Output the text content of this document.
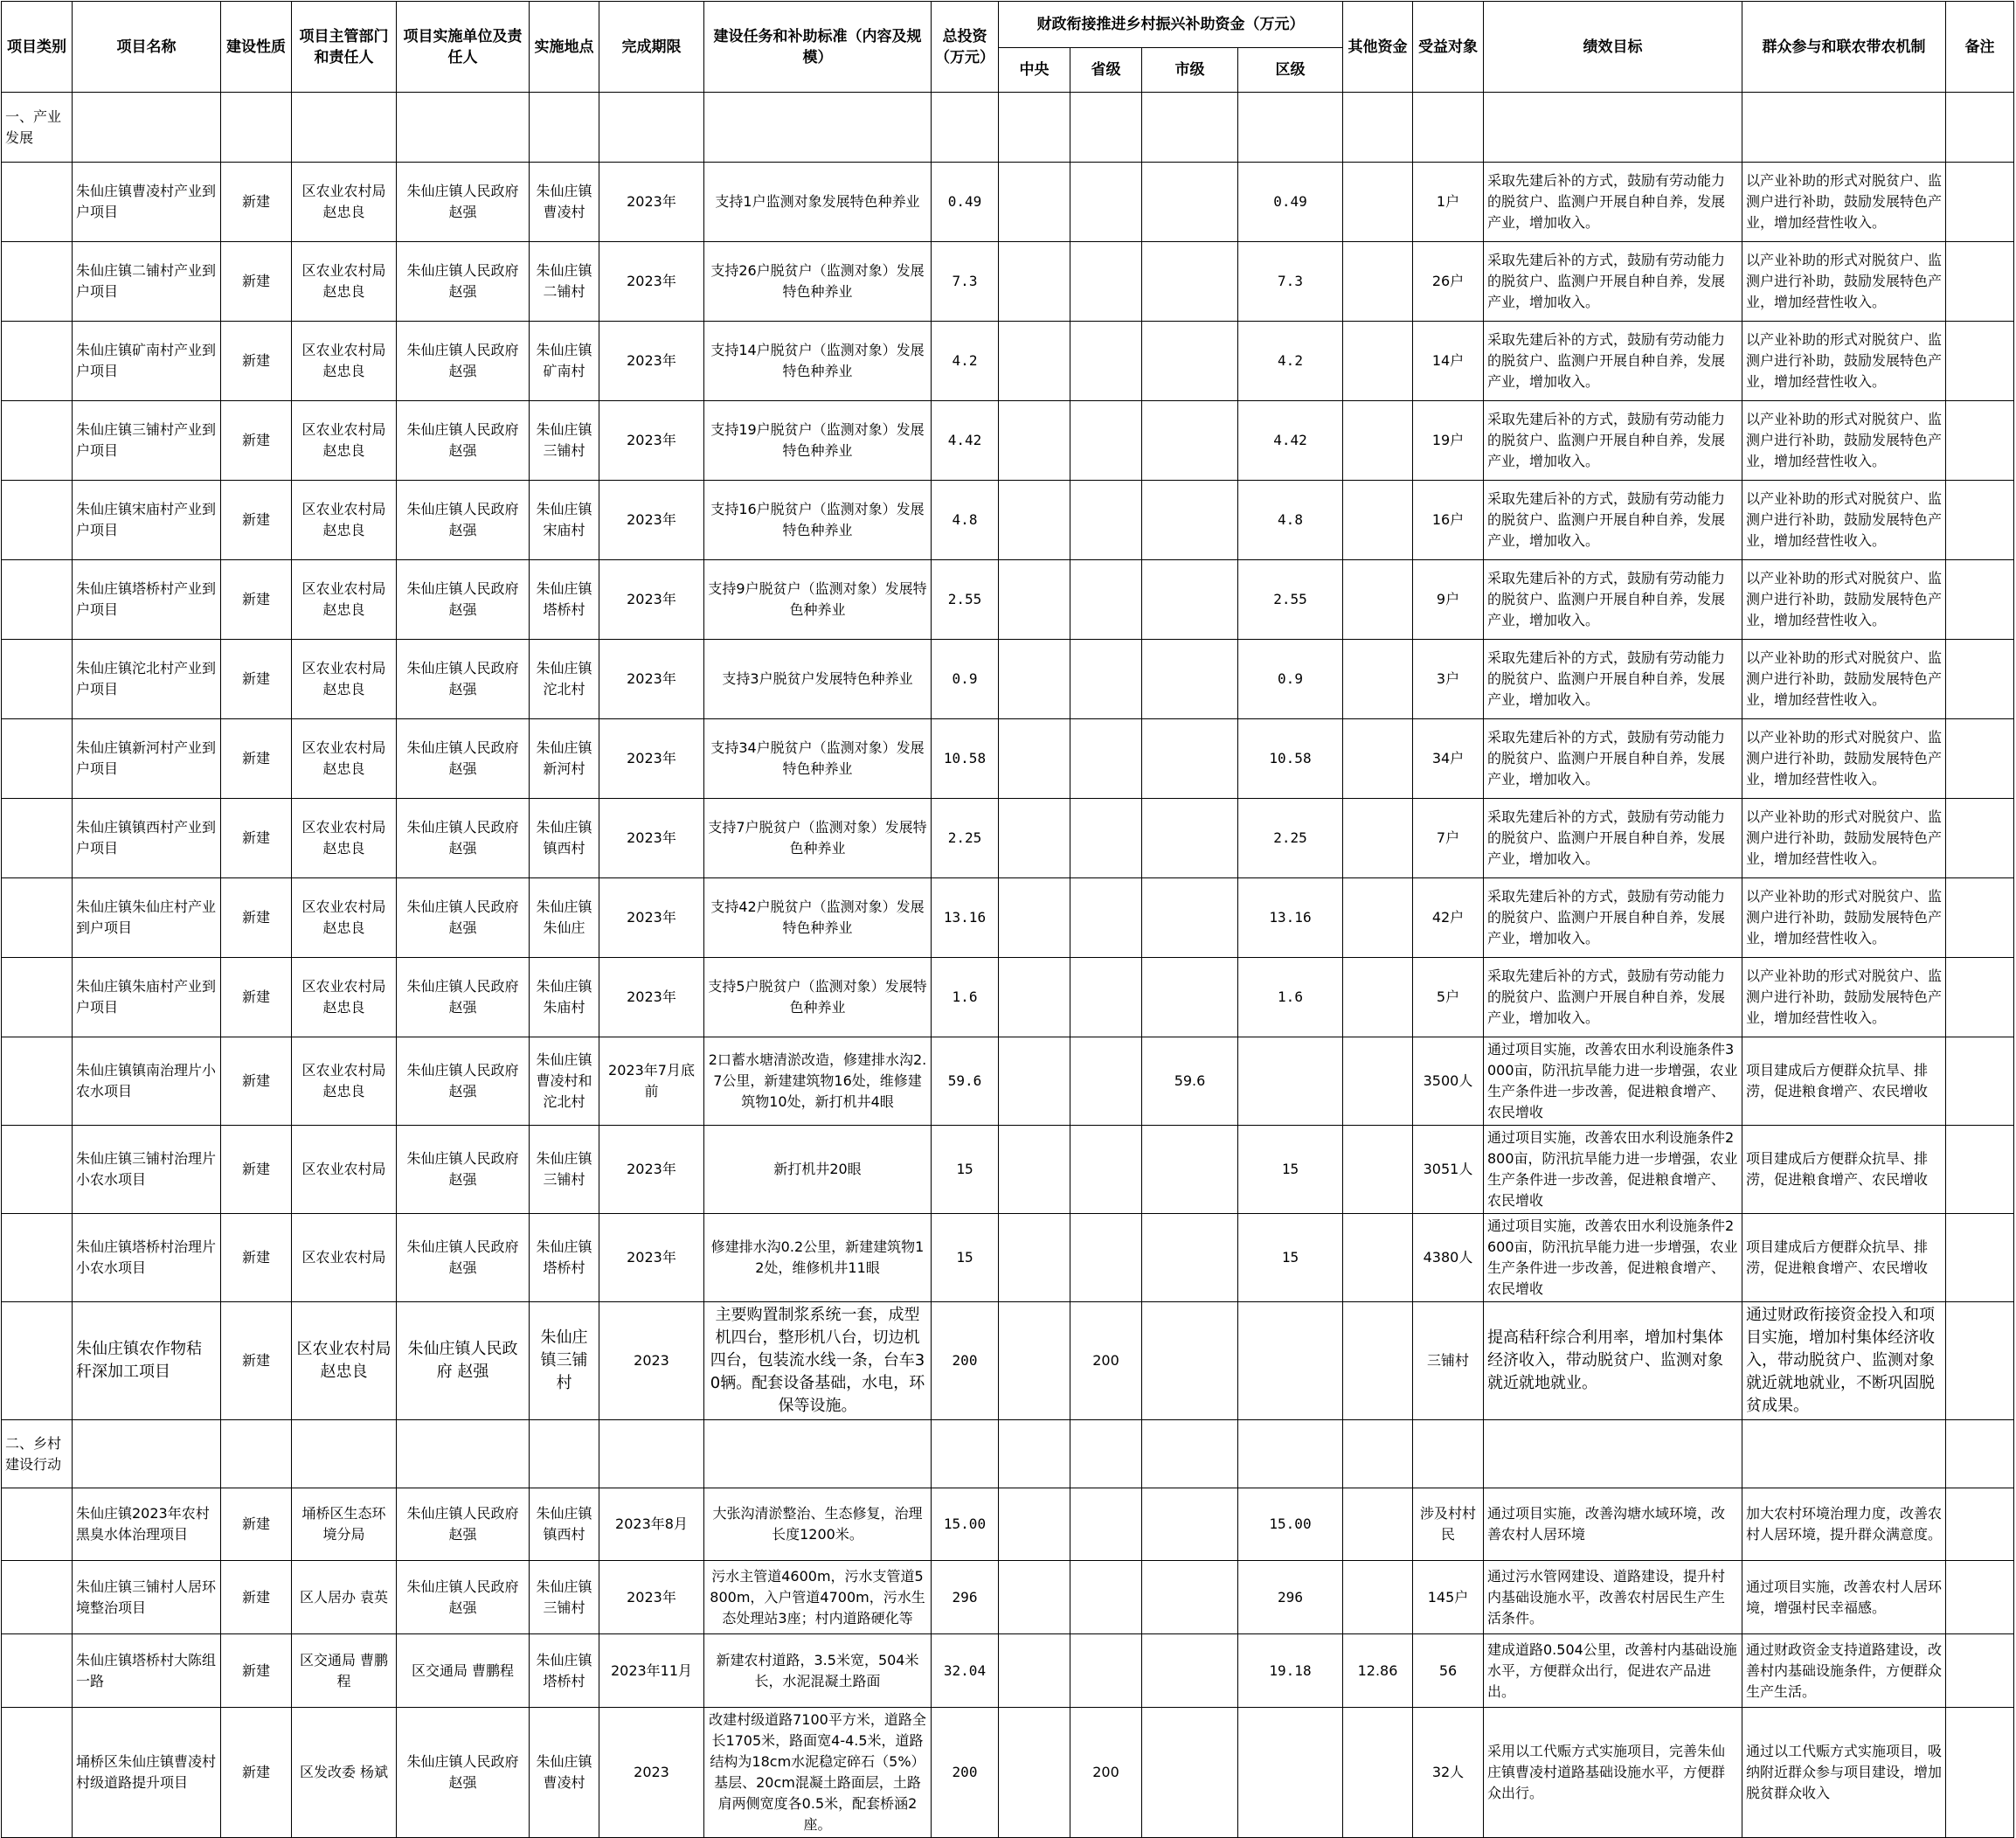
项目类别	项目名称	建设性质	项目主管部门和责任人	项目实施单位及责任人	实施地点	完成期限	建设任务和补助标准（内容及规模）	总投资（万元）	财政衔接推进乡村振兴补助资金（万元）				其他资金	受益对象	绩效目标	群众参与和联农带农机制	备注
									中央	省级	市级	区级					
一、产业发展																	
	朱仙庄镇曹凌村产业到户项目	新建	区农业农村局赵忠良	朱仙庄镇人民政府赵强	朱仙庄镇曹凌村	2023年	支持1户监测对象发展特色种养业	0.49				0.49		1户	采取先建后补的方式，鼓励有劳动能力的脱贫户、监测户开展自种自养，发展产业，增加收入。	以产业补助的形式对脱贫户、监测户进行补助，鼓励发展特色产业，增加经营性收入。	
	朱仙庄镇二铺村产业到户项目	新建	区农业农村局赵忠良	朱仙庄镇人民政府赵强	朱仙庄镇二铺村	2023年	支持26户脱贫户（监测对象）发展特色种养业	7.3				7.3		26户	采取先建后补的方式，鼓励有劳动能力的脱贫户、监测户开展自种自养，发展产业，增加收入。	以产业补助的形式对脱贫户、监测户进行补助，鼓励发展特色产业，增加经营性收入。	
	朱仙庄镇矿南村产业到户项目	新建	区农业农村局赵忠良	朱仙庄镇人民政府赵强	朱仙庄镇矿南村	2023年	支持14户脱贫户（监测对象）发展特色种养业	4.2				4.2		14户	采取先建后补的方式，鼓励有劳动能力的脱贫户、监测户开展自种自养，发展产业，增加收入。	以产业补助的形式对脱贫户、监测户进行补助，鼓励发展特色产业，增加经营性收入。	
	朱仙庄镇三铺村产业到户项目	新建	区农业农村局赵忠良	朱仙庄镇人民政府赵强	朱仙庄镇三铺村	2023年	支持19户脱贫户（监测对象）发展特色种养业	4.42				4.42		19户	采取先建后补的方式，鼓励有劳动能力的脱贫户、监测户开展自种自养，发展产业，增加收入。	以产业补助的形式对脱贫户、监测户进行补助，鼓励发展特色产业，增加经营性收入。	
	朱仙庄镇宋庙村产业到户项目	新建	区农业农村局赵忠良	朱仙庄镇人民政府赵强	朱仙庄镇宋庙村	2023年	支持16户脱贫户（监测对象）发展特色种养业	4.8				4.8		16户	采取先建后补的方式，鼓励有劳动能力的脱贫户、监测户开展自种自养，发展产业，增加收入。	以产业补助的形式对脱贫户、监测户进行补助，鼓励发展特色产业，增加经营性收入。	
	朱仙庄镇塔桥村产业到户项目	新建	区农业农村局赵忠良	朱仙庄镇人民政府赵强	朱仙庄镇塔桥村	2023年	支持9户脱贫户（监测对象）发展特色种养业	2.55				2.55		9户	采取先建后补的方式，鼓励有劳动能力的脱贫户、监测户开展自种自养，发展产业，增加收入。	以产业补助的形式对脱贫户、监测户进行补助，鼓励发展特色产业，增加经营性收入。	
	朱仙庄镇沱北村产业到户项目	新建	区农业农村局赵忠良	朱仙庄镇人民政府赵强	朱仙庄镇沱北村	2023年	支持3户脱贫户发展特色种养业	0.9				0.9		3户	采取先建后补的方式，鼓励有劳动能力的脱贫户、监测户开展自种自养，发展产业，增加收入。	以产业补助的形式对脱贫户、监测户进行补助，鼓励发展特色产业，增加经营性收入。	
	朱仙庄镇新河村产业到户项目	新建	区农业农村局赵忠良	朱仙庄镇人民政府赵强	朱仙庄镇新河村	2023年	支持34户脱贫户（监测对象）发展特色种养业	10.58				10.58		34户	采取先建后补的方式，鼓励有劳动能力的脱贫户、监测户开展自种自养，发展产业，增加收入。	以产业补助的形式对脱贫户、监测户进行补助，鼓励发展特色产业，增加经营性收入。	
	朱仙庄镇镇西村产业到户项目	新建	区农业农村局赵忠良	朱仙庄镇人民政府赵强	朱仙庄镇镇西村	2023年	支持7户脱贫户（监测对象）发展特色种养业	2.25				2.25		7户	采取先建后补的方式，鼓励有劳动能力的脱贫户、监测户开展自种自养，发展产业，增加收入。	以产业补助的形式对脱贫户、监测户进行补助，鼓励发展特色产业，增加经营性收入。	
	朱仙庄镇朱仙庄村产业到户项目	新建	区农业农村局赵忠良	朱仙庄镇人民政府赵强	朱仙庄镇朱仙庄	2023年	支持42户脱贫户（监测对象）发展特色种养业	13.16				13.16		42户	采取先建后补的方式，鼓励有劳动能力的脱贫户、监测户开展自种自养，发展产业，增加收入。	以产业补助的形式对脱贫户、监测户进行补助，鼓励发展特色产业，增加经营性收入。	
	朱仙庄镇朱庙村产业到户项目	新建	区农业农村局赵忠良	朱仙庄镇人民政府赵强	朱仙庄镇朱庙村	2023年	支持5户脱贫户（监测对象）发展特色种养业	1.6				1.6		5户	采取先建后补的方式，鼓励有劳动能力的脱贫户、监测户开展自种自养，发展产业，增加收入。	以产业补助的形式对脱贫户、监测户进行补助，鼓励发展特色产业，增加经营性收入。	
	朱仙庄镇镇南治理片小农水项目	新建	区农业农村局赵忠良	朱仙庄镇人民政府赵强	朱仙庄镇曹凌村和沱北村	2023年7月底前	2口蓄水塘清淤改造，修建排水沟2.7公里，新建建筑物16处，维修建筑物10处，新打机井4眼	59.6			59.6			3500人	通过项目实施，改善农田水利设施条件3000亩，防汛抗旱能力进一步增强，农业生产条件进一步改善，促进粮食增产、农民增收	项目建成后方便群众抗旱、排涝，促进粮食增产、农民增收	
	朱仙庄镇三铺村治理片小农水项目	新建	区农业农村局	朱仙庄镇人民政府赵强	朱仙庄镇三铺村	2023年	新打机井20眼	15				15		3051人	通过项目实施，改善农田水利设施条件2800亩，防汛抗旱能力进一步增强，农业生产条件进一步改善，促进粮食增产、农民增收	项目建成后方便群众抗旱、排涝，促进粮食增产、农民增收	
	朱仙庄镇塔桥村治理片小农水项目	新建	区农业农村局	朱仙庄镇人民政府赵强	朱仙庄镇塔桥村	2023年	修建排水沟0.2公里，新建建筑物12处，维修机井11眼	15				15		4380人	通过项目实施，改善农田水利设施条件2600亩，防汛抗旱能力进一步增强，农业生产条件进一步改善，促进粮食增产、农民增收	项目建成后方便群众抗旱、排涝，促进粮食增产、农民增收	
	朱仙庄镇农作物秸秆深加工项目	新建	区农业农村局赵忠良	朱仙庄镇人民政府 赵强	朱仙庄镇三铺村	2023	主要购置制浆系统一套，成型机四台，整形机八台，切边机四台，包装流水线一条，台车30辆。配套设备基础，水电，环保等设施。	200		200				三铺村	提高秸秆综合利用率，增加村集体经济收入，带动脱贫户、监测对象就近就地就业。	通过财政衔接资金投入和项目实施，增加村集体经济收入，带动脱贫户、监测对象就近就地就业，不断巩固脱贫成果。	
二、乡村建设行动																	
	朱仙庄镇2023年农村黑臭水体治理项目	新建	埇桥区生态环境分局	朱仙庄镇人民政府赵强	朱仙庄镇镇西村	2023年8月	大张沟清淤整治、生态修复，治理长度1200米。	15.00				15.00		涉及村村民	通过项目实施，改善沟塘水域环境，改善农村人居环境	加大农村环境治理力度，改善农村人居环境，提升群众满意度。	
	朱仙庄镇三铺村人居环境整治项目	新建	区人居办 袁英	朱仙庄镇人民政府赵强	朱仙庄镇三铺村	2023年	污水主管道4600m，污水支管道5800m，入户管道4700m，污水生态处理站3座；村内道路硬化等	296				296		145户	通过污水管网建设、道路建设，提升村内基础设施水平，改善农村居民生产生活条件。	通过项目实施，改善农村人居环境，增强村民幸福感。	
	朱仙庄镇塔桥村大陈组一路	新建	区交通局 曹鹏程	区交通局 曹鹏程	朱仙庄镇塔桥村	2023年11月	新建农村道路，3.5米宽，504米长，水泥混凝土路面	32.04				19.18	12.86	56	建成道路0.504公里，改善村内基础设施水平，方便群众出行，促进农产品进出。	通过财政资金支持道路建设，改善村内基础设施条件，方便群众生产生活。	
	埇桥区朱仙庄镇曹凌村村级道路提升项目	新建	区发改委 杨斌	朱仙庄镇人民政府赵强	朱仙庄镇曹凌村	2023	改建村级道路7100平方米，道路全长1705米，路面宽4-4.5米，道路结构为18cm水泥稳定碎石（5%）基层、20cm混凝土路面层，土路肩两侧宽度各0.5米，配套桥涵2座。	200		200				32人	采用以工代赈方式实施项目，完善朱仙庄镇曹凌村道路基础设施水平，方便群众出行。	通过以工代赈方式实施项目，吸纳附近群众参与项目建设，增加脱贫群众收入	
